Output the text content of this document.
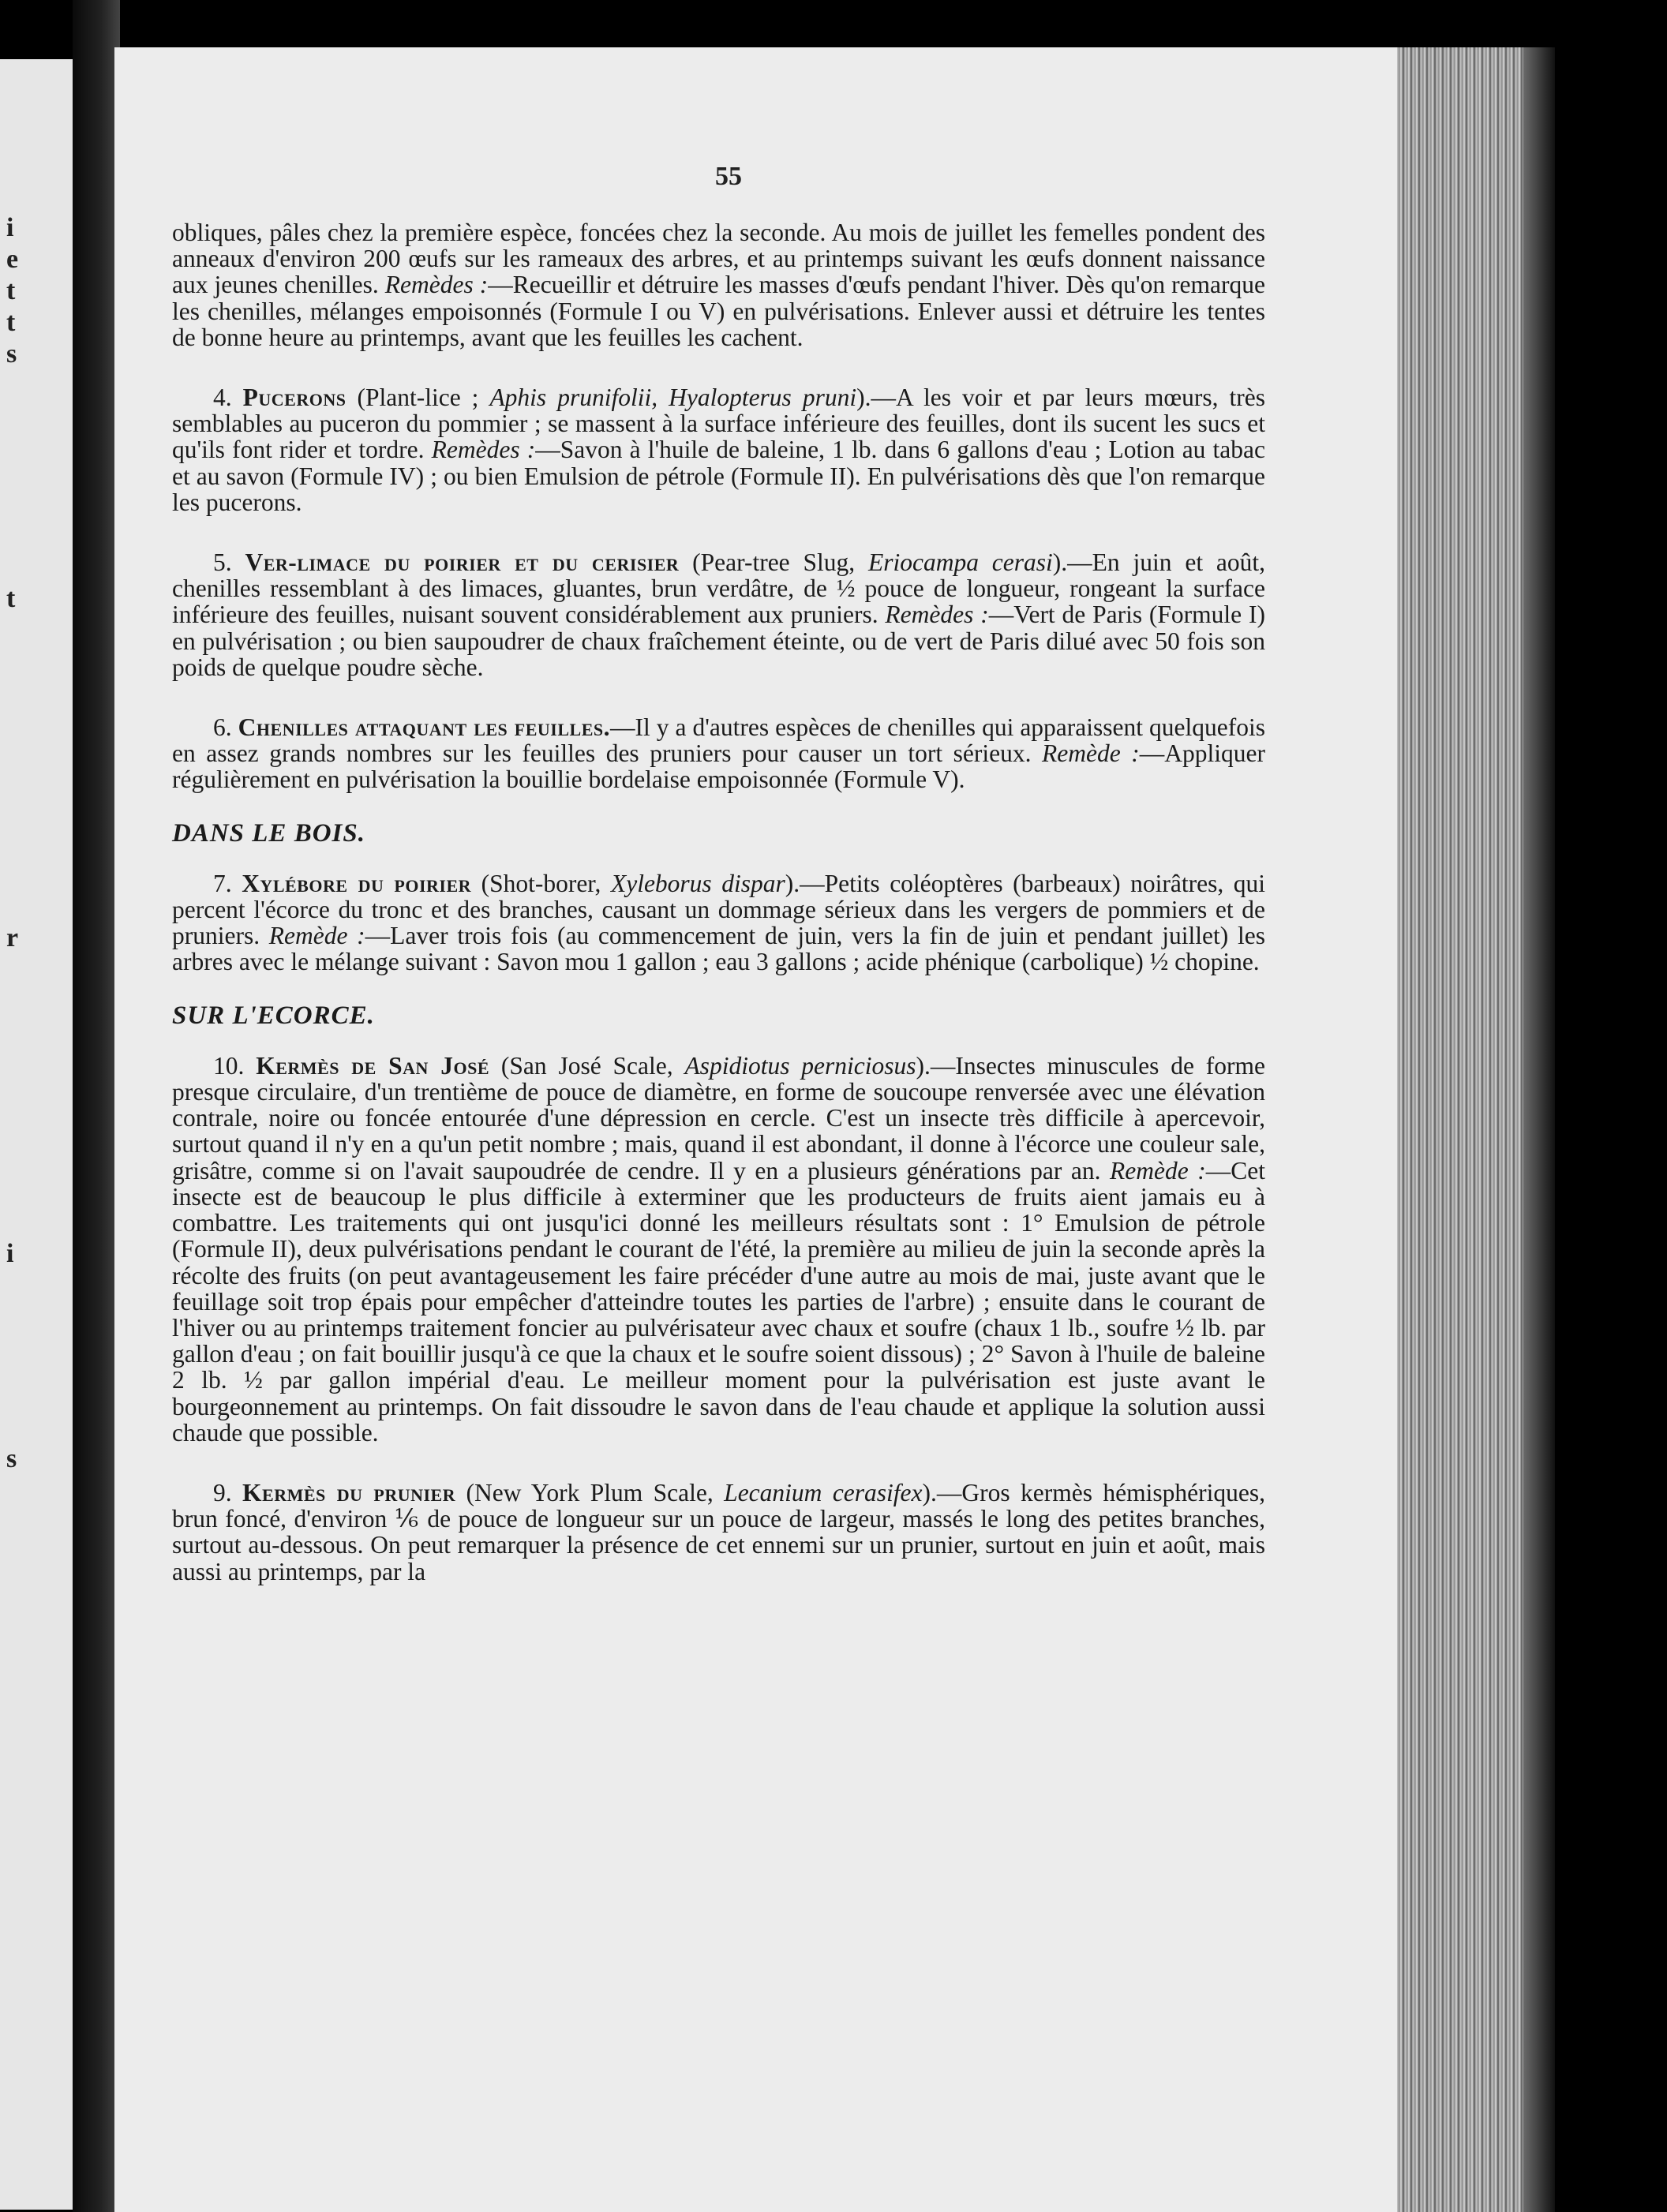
i
e
t
t
s
t
r
i
s
55

obliques, pâles chez la première espèce, foncées chez la seconde. Au mois de juillet les femelles pondent des anneaux d'environ 200 œufs sur les rameaux des arbres, et au printemps suivant les œufs donnent naissance aux jeunes chenilles. Remèdes :—Recueillir et détruire les masses d'œufs pendant l'hiver. Dès qu'on remarque les chenilles, mélanges empoisonnés (Formule I ou V) en pulvérisations. Enlever aussi et détruire les tentes de bonne heure au printemps, avant que les feuilles les cachent.

4. Pucerons (Plant-lice ; Aphis prunifolii, Hyalopterus pruni).—A les voir et par leurs mœurs, très semblables au puceron du pommier ; se massent à la surface inférieure des feuilles, dont ils sucent les sucs et qu'ils font rider et tordre. Remèdes :—Savon à l'huile de baleine, 1 lb. dans 6 gallons d'eau ; Lotion au tabac et au savon (Formule IV) ; ou bien Emulsion de pétrole (Formule II). En pulvérisations dès que l'on remarque les pucerons.

5. Ver-limace du poirier et du cerisier (Pear-tree Slug, Eriocampa cerasi).—En juin et août, chenilles ressemblant à des limaces, gluantes, brun verdâtre, de ½ pouce de longueur, rongeant la surface inférieure des feuilles, nuisant souvent considérablement aux pruniers. Remèdes :—Vert de Paris (Formule I) en pulvérisation ; ou bien saupoudrer de chaux fraîchement éteinte, ou de vert de Paris dilué avec 50 fois son poids de quelque poudre sèche.

6. Chenilles attaquant les feuilles.—Il y a d'autres espèces de chenilles qui apparaissent quelquefois en assez grands nombres sur les feuilles des pruniers pour causer un tort sérieux. Remède :—Appliquer régulièrement en pulvérisation la bouillie bordelaise empoisonnée (Formule V).

DANS LE BOIS.

7. Xylébore du poirier (Shot-borer, Xyleborus dispar).—Petits coléoptères (barbeaux) noirâtres, qui percent l'écorce du tronc et des branches, causant un dommage sérieux dans les vergers de pommiers et de pruniers. Remède :—Laver trois fois (au commencement de juin, vers la fin de juin et pendant juillet) les arbres avec le mélange suivant : Savon mou 1 gallon ; eau 3 gallons ; acide phénique (carbolique) ½ chopine.

SUR L'ECORCE.

10. Kermès de San José (San José Scale, Aspidiotus perniciosus).—Insectes minuscules de forme presque circulaire, d'un trentième de pouce de diamètre, en forme de soucoupe renversée avec une élévation contrale, noire ou foncée entourée d'une dépression en cercle. C'est un insecte très difficile à apercevoir, surtout quand il n'y en a qu'un petit nombre ; mais, quand il est abondant, il donne à l'écorce une couleur sale, grisâtre, comme si on l'avait saupoudrée de cendre. Il y en a plusieurs générations par an. Remède :—Cet insecte est de beaucoup le plus difficile à exterminer que les producteurs de fruits aient jamais eu à combattre. Les traitements qui ont jusqu'ici donné les meilleurs résultats sont : 1° Emulsion de pétrole (Formule II), deux pulvérisations pendant le courant de l'été, la première au milieu de juin la seconde après la récolte des fruits (on peut avantageusement les faire précéder d'une autre au mois de mai, juste avant que le feuillage soit trop épais pour empêcher d'atteindre toutes les parties de l'arbre) ; ensuite dans le courant de l'hiver ou au printemps traitement foncier au pulvérisateur avec chaux et soufre (chaux 1 lb., soufre ½ lb. par gallon d'eau ; on fait bouillir jusqu'à ce que la chaux et le soufre soient dissous) ; 2° Savon à l'huile de baleine 2 lb. ½ par gallon impérial d'eau. Le meilleur moment pour la pulvérisation est juste avant le bourgeonnement au printemps. On fait dissoudre le savon dans de l'eau chaude et applique la solution aussi chaude que possible.

9. Kermès du prunier (New York Plum Scale, Lecanium cerasifex).—Gros kermès hémisphériques, brun foncé, d'environ ⅙ de pouce de longueur sur un pouce de largeur, massés le long des petites branches, surtout au-dessous. On peut remarquer la présence de cet ennemi sur un prunier, surtout en juin et août, mais aussi au printemps, par la
